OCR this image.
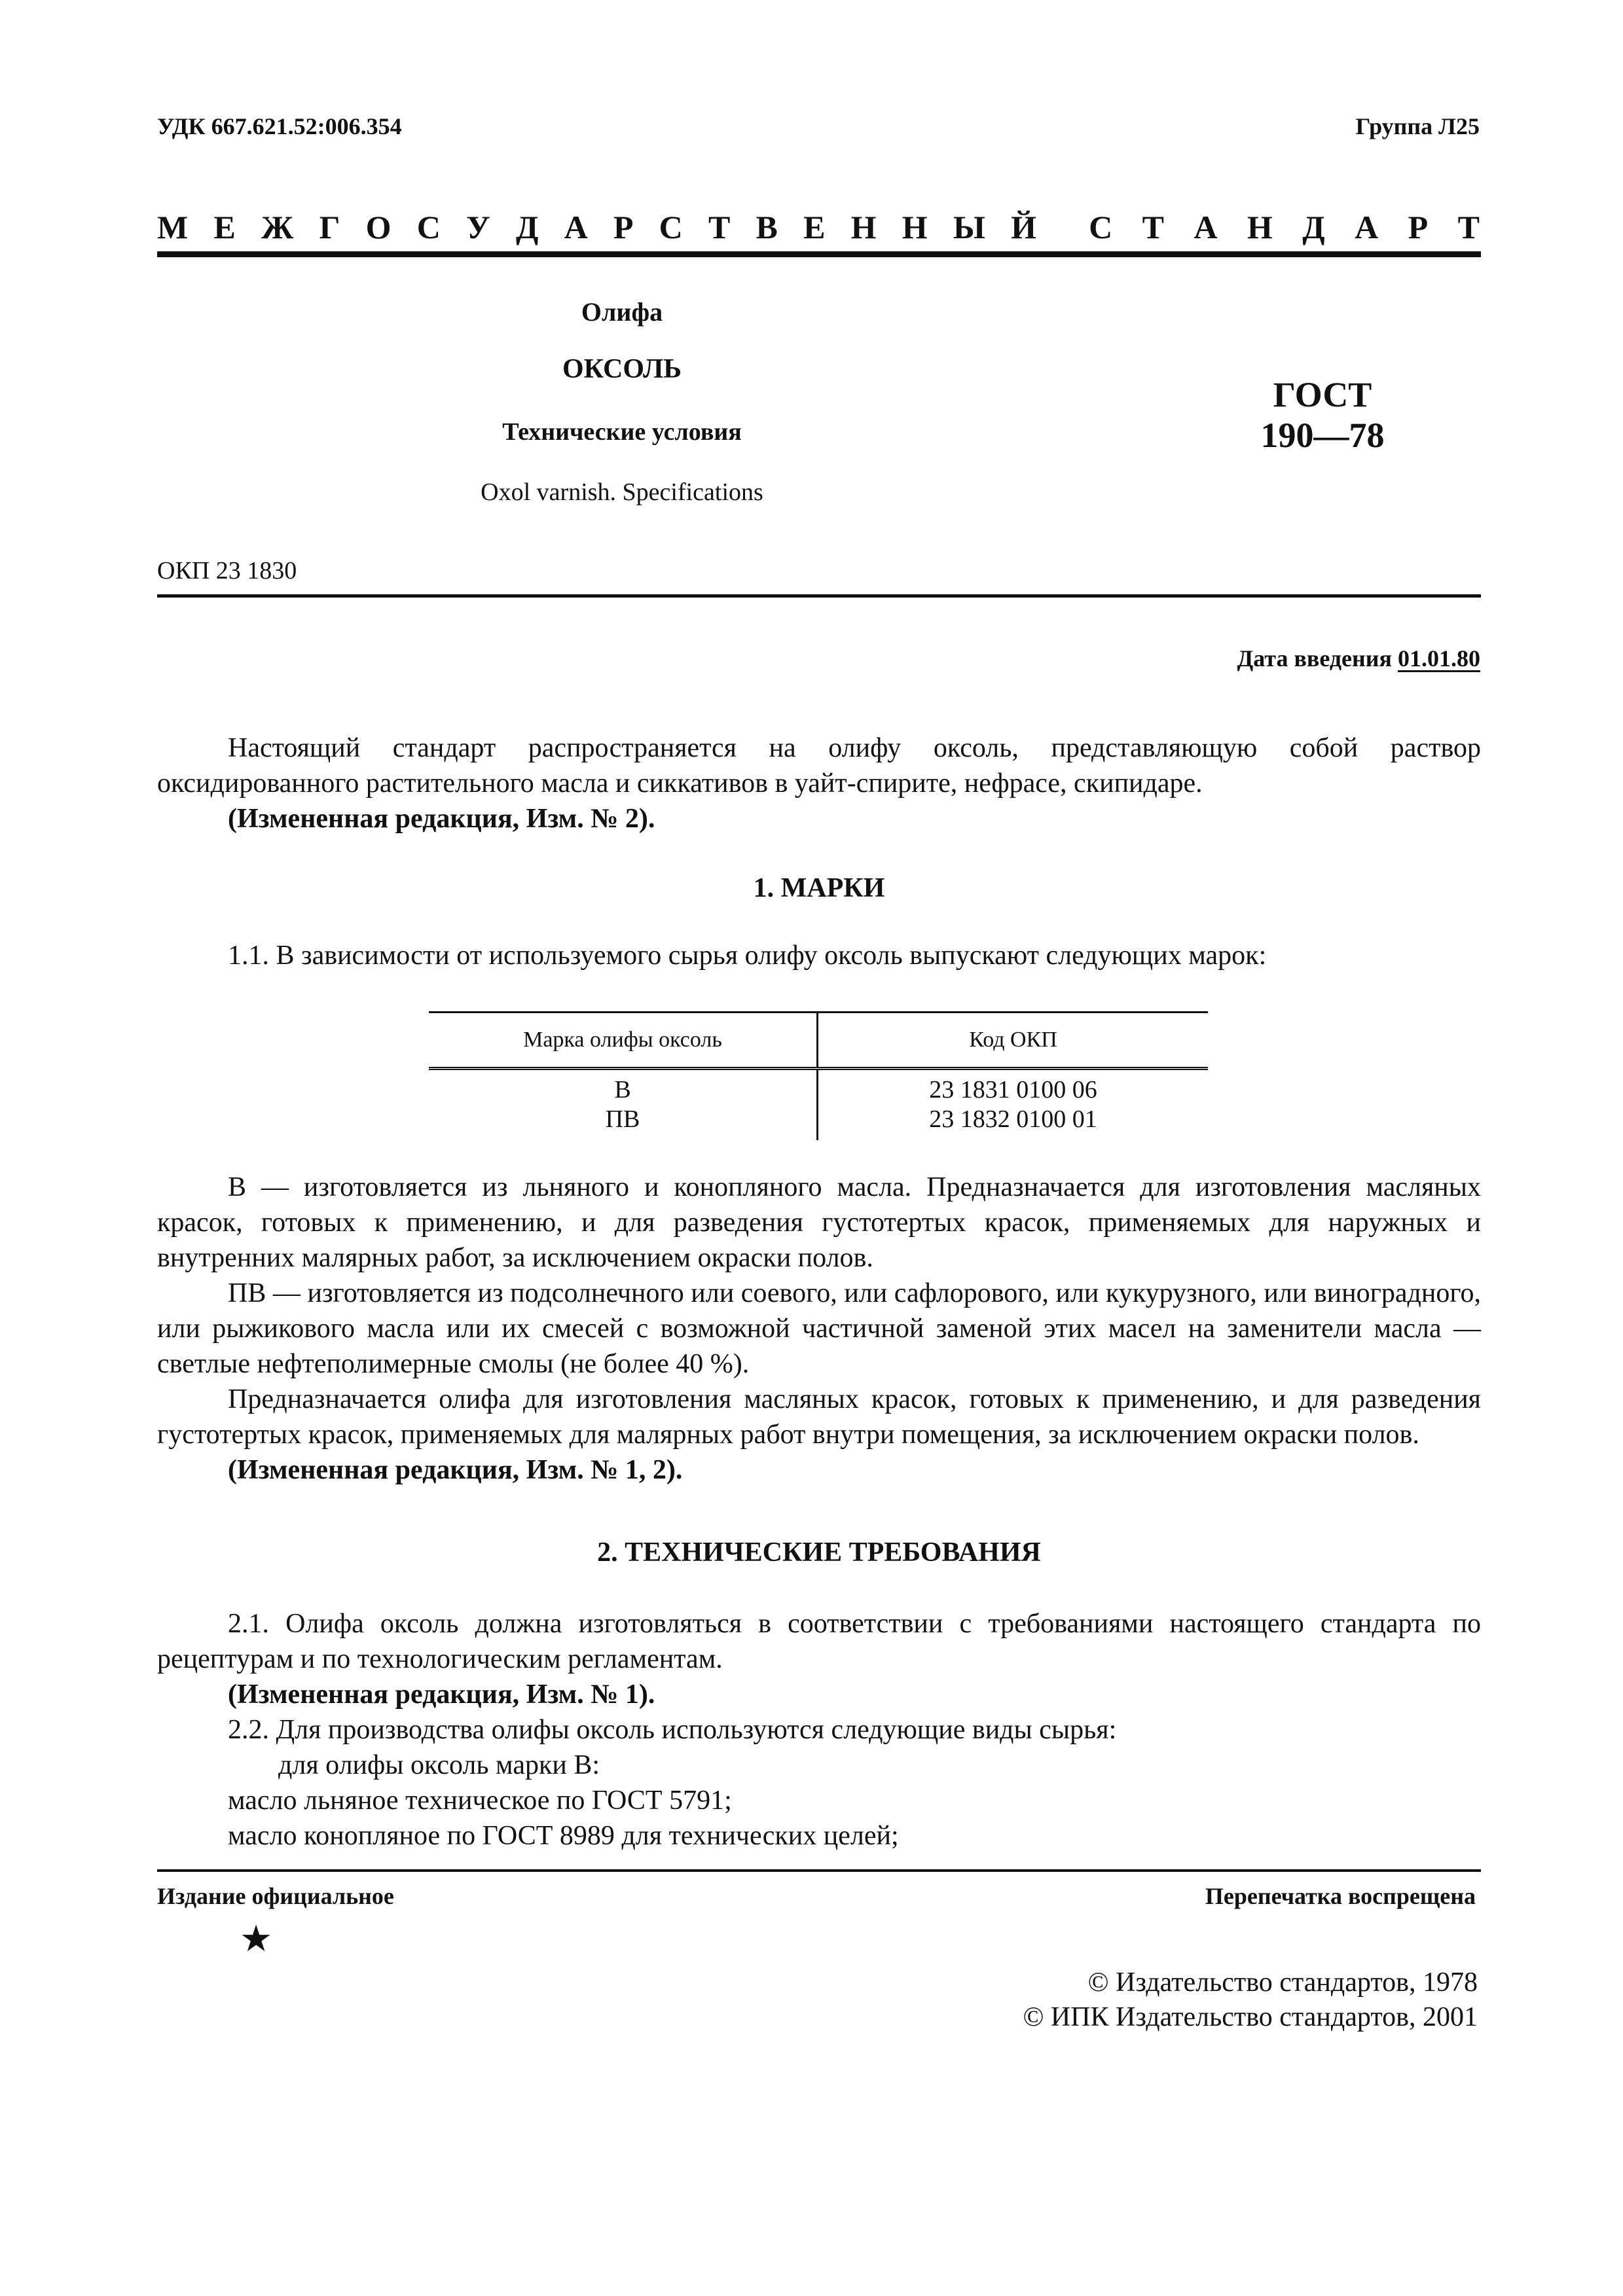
УДК 667.621.52:006.354	Группа Л25
М Е Ж Г О С У Д А Р С Т В Е Н Н Ы Й С Т А Н Д А Р Т
Олифа
ОКСОЛЬ
Технические условия
Oxol varnish. Specifications
ГОСТ
190—78
ОКП 23 1830
Дата введения 01.01.80
Настоящий стандарт распространяется на олифу оксоль, представляющую собой раствор оксидированного растительного масла и сиккативов в уайт-спирите, нефрасе, скипидаре.
(Измененная редакция, Изм. № 2).
1. МАРКИ
1.1. В зависимости от используемого сырья олифу оксоль выпускают следующих марок:
Марка олифы оксоль	Код ОКП
В	23 1831 0100 06
ПВ	23 1832 0100 01
В — изготовляется из льняного и конопляного масла. Предназначается для изготовления масляных красок, готовых к применению, и для разведения густотертых красок, применяемых для наружных и внутренних малярных работ, за исключением окраски полов.
ПВ — изготовляется из подсолнечного или соевого, или сафлорового, или кукурузного, или виноградного, или рыжикового масла или их смесей с возможной частичной заменой этих масел на заменители масла — светлые нефтеполимерные смолы (не более 40 %).
Предназначается олифа для изготовления масляных красок, готовых к применению, и для разведения густотертых красок, применяемых для малярных работ внутри помещения, за исключением окраски полов.
(Измененная редакция, Изм. № 1, 2).
2. ТЕХНИЧЕСКИЕ ТРЕБОВАНИЯ
2.1. Олифа оксоль должна изготовляться в соответствии с требованиями настоящего стандарта по рецептурам и по технологическим регламентам.
(Измененная редакция, Изм. № 1).
2.2. Для производства олифы оксоль используются следующие виды сырья:
для олифы оксоль марки В:
масло льняное техническое по ГОСТ 5791;
масло конопляное по ГОСТ 8989 для технических целей;
Издание официальное	Перепечатка воспрещена
★
© Издательство стандартов, 1978
© ИПК Издательство стандартов, 2001
